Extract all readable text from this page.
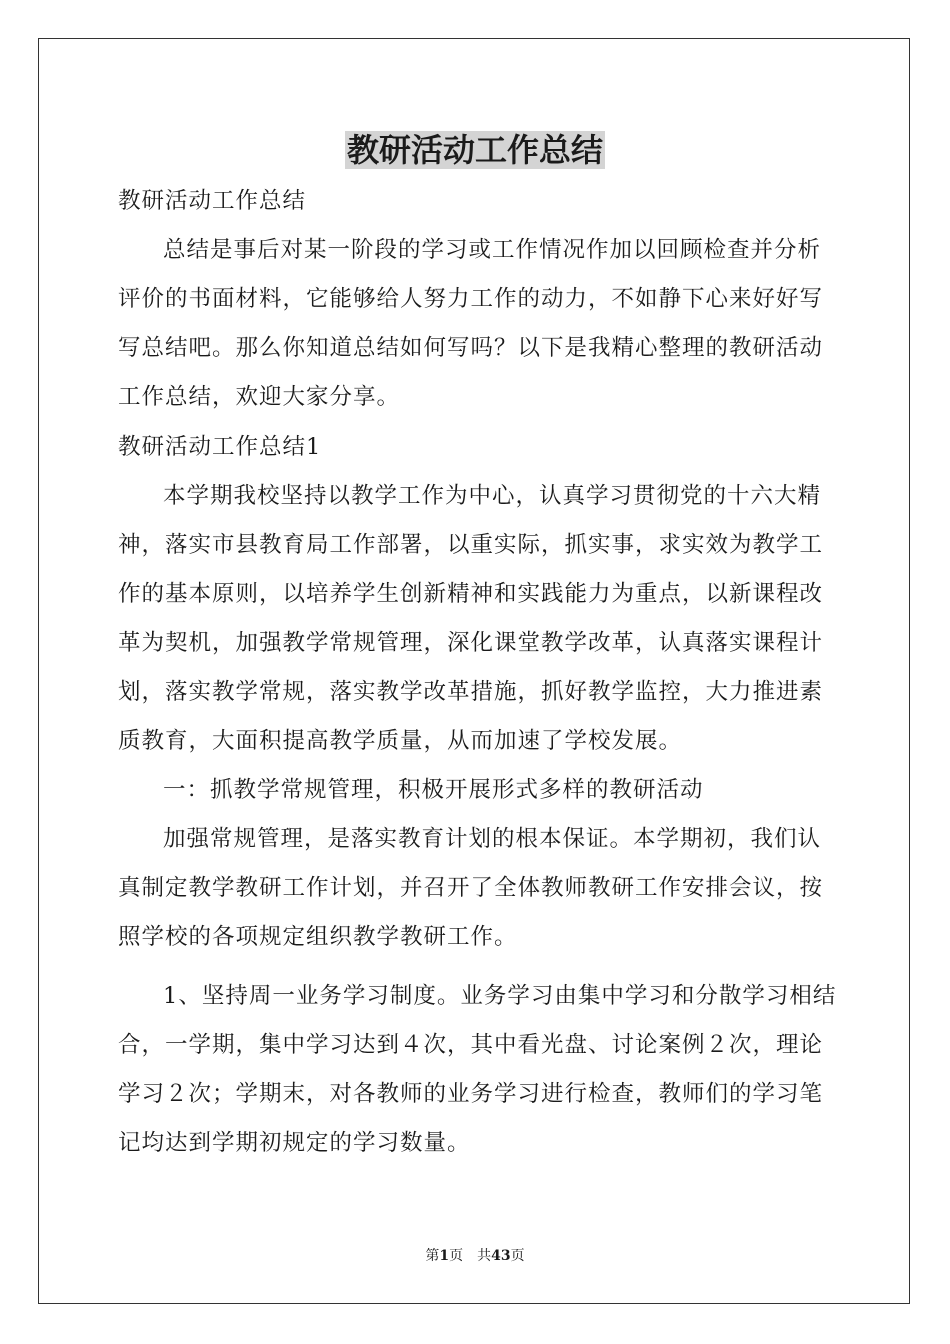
教研活动工作总结

教研活动工作总结

总结是事后对某一阶段的学习或工作情况作加以回顾检查并分析评价的书面材料，它能够给人努力工作的动力，不如静下心来好好写写总结吧。那么你知道总结如何写吗？以下是我精心整理的教研活动工作总结，欢迎大家分享。

教研活动工作总结1

本学期我校坚持以教学工作为中心，认真学习贯彻党的十六大精神，落实市县教育局工作部署，以重实际，抓实事，求实效为教学工作的基本原则，以培养学生创新精神和实践能力为重点，以新课程改革为契机，加强教学常规管理，深化课堂教学改革，认真落实课程计划，落实教学常规，落实教学改革措施，抓好教学监控，大力推进素质教育，大面积提高教学质量，从而加速了学校发展。

一：抓教学常规管理，积极开展形式多样的教研活动

加强常规管理，是落实教育计划的根本保证。本学期初，我们认真制定教学教研工作计划，并召开了全体教师教研工作安排会议，按照学校的各项规定组织教学教研工作。

1、坚持周一业务学习制度。业务学习由集中学习和分散学习相结合，一学期，集中学习达到４次，其中看光盘、讨论案例２次，理论学习２次；学期末，对各教师的业务学习进行检查，教师们的学习笔记均达到学期初规定的学习数量。

第1页 共43页
